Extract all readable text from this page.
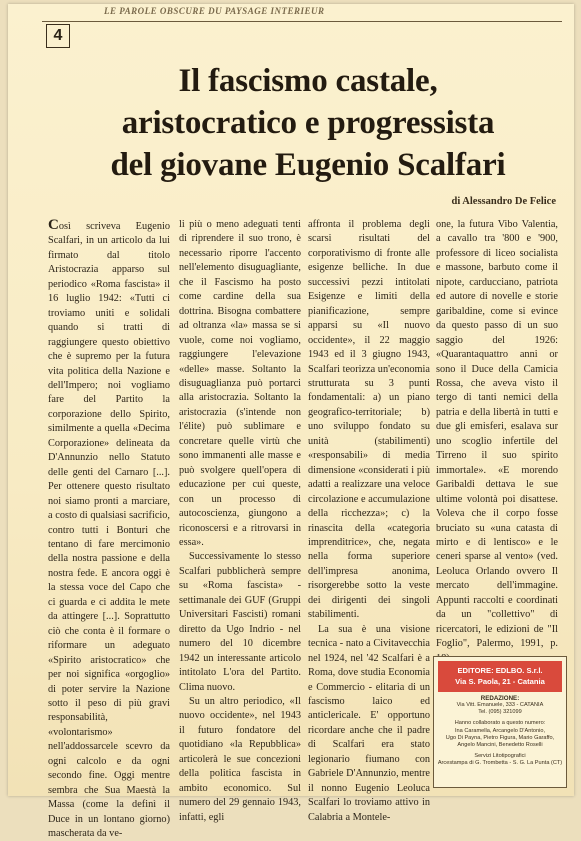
LE PAROLE OBSCURE DU PAYSAGE INTERIEUR
4
Il fascismo castale,
aristocratico e progressista
del giovane Eugenio Scalfari
di Alessandro De Felice

Così scriveva Eugenio Scalfari, in un articolo da lui firmato dal titolo Aristocrazia apparso sul periodico «Roma fascista» il 16 luglio 1942: «Tutti ci troviamo uniti e solidali quando si tratti di raggiungere questo obiettivo che è supremo per la futura vita politica della Nazione e dell'Impero; noi vogliamo fare del Partito la corporazione dello Spirito, similmente a quella «Decima Corporazione» delineata da D'Annunzio nello Statuto delle genti del Carnaro [...]. Per ottenere questo risultato noi siamo pronti a marciare, a costo di qualsiasi sacrificio, contro tutti i Bonturi che tentano di fare mercimonio della nostra passione e della nostra fede. E ancora oggi è la stessa voce del Capo che ci guarda e ci addita le mete da attingere [...]. Soprattutto ciò che conta è il formare o riformare un adeguato «Spirito aristocratico» che per noi significa «orgoglio» di poter servire la Nazione sotto il peso di più gravi responsabilità, «volontarismo» nell'addossarcele scevro da ogni calcolo e da ogni secondo fine. Oggi mentre sembra che Sua Maestà la Massa (come la definì il Duce in un lontano giorno) mascherata da ve-

li più o meno adeguati tenti di riprendere il suo trono, è necessario riporre l'accento nell'elemento disuguagliante, che il Fascismo ha posto come cardine della sua dottrina. Bisogna combattere ad oltranza «la» massa se si vuole, come noi vogliamo, raggiungere l'elevazione «delle» masse. Soltanto la disuguaglianza può portarci alla aristocrazia. Soltanto la aristocrazia (s'intende non l'élite) può sublimare e concretare quelle virtù che sono immanenti alle masse e può svolgere quell'opera di educazione per cui queste, con un processo di autocoscienza, giungono a riconoscersi e a ritrovarsi in essa».

Successivamente lo stesso Scalfari pubblicherà sempre su «Roma fascista» - settimanale dei GUF (Gruppi Universitari Fascisti) romani diretto da Ugo Indrio - nel numero del 10 dicembre 1942 un interessante articolo intitolato L'ora del Partito. Clima nuovo.

Su un altro periodico, «Il nuovo occidente», nel 1943 il futuro fondatore del quotidiano «la Repubblica» articolerà le sue concezioni della politica fascista in ambito economico. Sul numero del 29 gennaio 1943, infatti, egli

affronta il problema degli scarsi risultati del corporativismo di fronte alle esigenze belliche. In due successivi pezzi intitolati Esigenze e limiti della pianificazione, sempre apparsi su «Il nuovo occidente», il 22 maggio 1943 ed il 3 giugno 1943, Scalfari teorizza un'economia strutturata su 3 punti fondamentali: a) un piano geografico-territoriale; b) uno sviluppo fondato su unità (stabilimenti) «responsabili» di media dimensione «considerati i più adatti a realizzare una veloce circolazione e accumulazione della ricchezza»; c) la rinascita della «categoria imprenditrice», che, negata nella forma superiore dell'impresa anonima, risorgerebbe sotto la veste dei dirigenti dei singoli stabilimenti.

La sua è una visione tecnica - nato a Civitavecchia nel 1924, nel '42 Scalfari è a Roma, dove studia Economia e Commercio - elitaria di un fascismo laico ed anticlericale. E' opportuno ricordare anche che il padre di Scalfari era stato legionario fiumano con Gabriele D'Annunzio, mentre il nonno Eugenio Leoluca Scalfari lo troviamo attivo in Calabria a Montele-

one, la futura Vibo Valentia, a cavallo tra '800 e '900, professore di liceo socialista e massone, barbuto come il nipote, carducciano, patriota ed autore di novelle e storie garibaldine, come si evince da questo passo di un suo saggio del 1926: «Quarantaquattro anni or sono il Duce della Camicia Rossa, che aveva visto il tergo di tanti nemici della patria e della libertà in tutti e due gli emisferi, esalava sur uno scoglio infertile del Tirreno il suo spirito immortale». «E morendo Garibaldi dettava le sue ultime volontà poi disattese. Voleva che il corpo fosse bruciato su «una catasta di mirto e di lentisco» e le ceneri sparse al vento» (ved. Leoluca Orlando ovvero Il mercato dell'immagine. Appunti raccolti e coordinati da un "collettivo" di ricercatori, le edizioni de "Il Foglio", Palermo, 1991, p.

EDITORE: EDLBO. S.r.l.
Via S. Paola, 21 - Catania
REDAZIONE:
Via Vitt. Emanuele, 333 - CATANIA
Tel. (095) 321099
Hanno collaborato a questo numero:
Ina Caramella, Arcangelo D'Antonio,
Ugo Di Payna, Pietro Figura, Mario Garaffo,
Angelo Mancini, Benedetto Roselli
Servizi Litotipografici
Arcestampa di G. Trombetta - S. G. La Punta (CT)
